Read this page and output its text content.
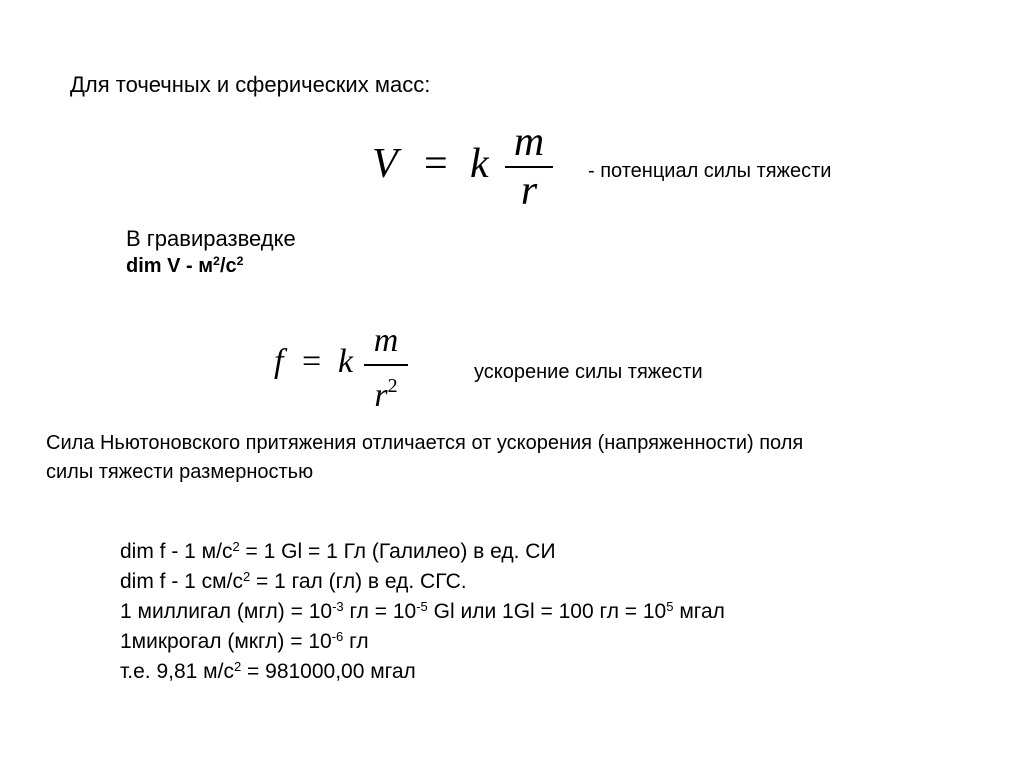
Для точечных и сферических масс:
V = k m
r	- потенциал силы тяжести
В гравиразведке
dim V - $м^2/с^2$
f = k
m
r2
ускорение силы тяжести
Сила Ньютоновского притяжения отличается от ускорения (напряженности) поля
силы тяжести размерностью
dim f - 1 $м/с^2 = 1$ Gl = 1 Гл (Галилео) в ед. СИ
dim f - 1 $см/с^2 = 1$ гал (гл) в ед. СГС.
1 миллигал $(мгл) = 10^{-3}$ гл = $10^{-5}$ Gl или 1Gl = 100 гл = $10^5$ мгал
1микрогал (мкгл) = $10^{-6}$ гл
т.е. 9,81 $м/с^2 = 981000,00$ мгал
